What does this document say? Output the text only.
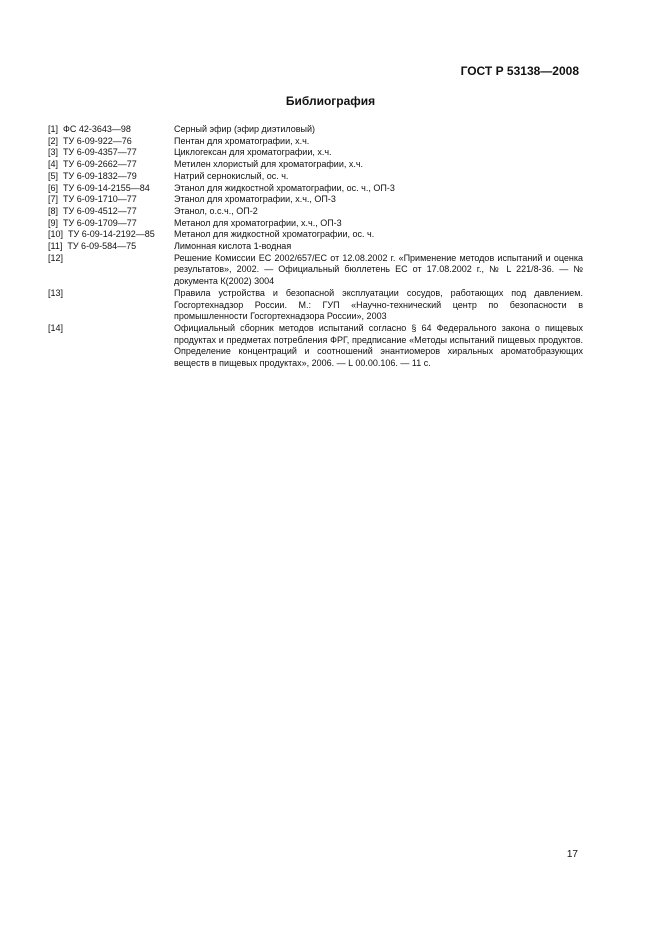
ГОСТ Р 53138—2008
Библиография
[1]  ФС 42-3643—98	Серный эфир (эфир диэтиловый)
[2]  ТУ 6-09-922—76	Пентан для хроматографии, х.ч.
[3]  ТУ 6-09-4357—77	Циклогексан для хроматографии, х.ч.
[4]  ТУ 6-09-2662—77	Метилен хлористый для хроматографии, х.ч.
[5]  ТУ 6-09-1832—79	Натрий сернокислый, ос. ч.
[6]  ТУ 6-09-14-2155—84	Этанол для жидкостной хроматографии, ос. ч., ОП-3
[7]  ТУ 6-09-1710—77	Этанол для хроматографии, х.ч., ОП-3
[8]  ТУ 6-09-4512—77	Этанол, о.с.ч., ОП-2
[9]  ТУ 6-09-1709—77	Метанол для хроматографии, х.ч., ОП-3
[10]  ТУ 6-09-14-2192—85	Метанол для жидкостной хроматографии, ос. ч.
[11]  ТУ 6-09-584—75	Лимонная кислота 1-водная
[12]	Решение Комиссии ЕС 2002/657/ЕС от 12.08.2002 г. «Применение методов испытаний и оценка результатов», 2002. — Официальный бюллетень ЕС от 17.08.2002 г., № L 221/8-36. — № документа К(2002) 3004
[13]	Правила устройства и безопасной эксплуатации сосудов, работающих под давлением. Госгортехнадзор России. М.: ГУП «Научно-технический центр по безопасности в промышленности Госгортехнадзора России», 2003
[14]	Официальный сборник методов испытаний согласно § 64 Федерального закона о пищевых продуктах и предметах потребления ФРГ, предписание «Методы испытаний пищевых продуктов. Определение концентраций и соотношений энантиомеров хиральных ароматобразующих веществ в пищевых продуктах», 2006. — L 00.00.106. — 11 с.
17
